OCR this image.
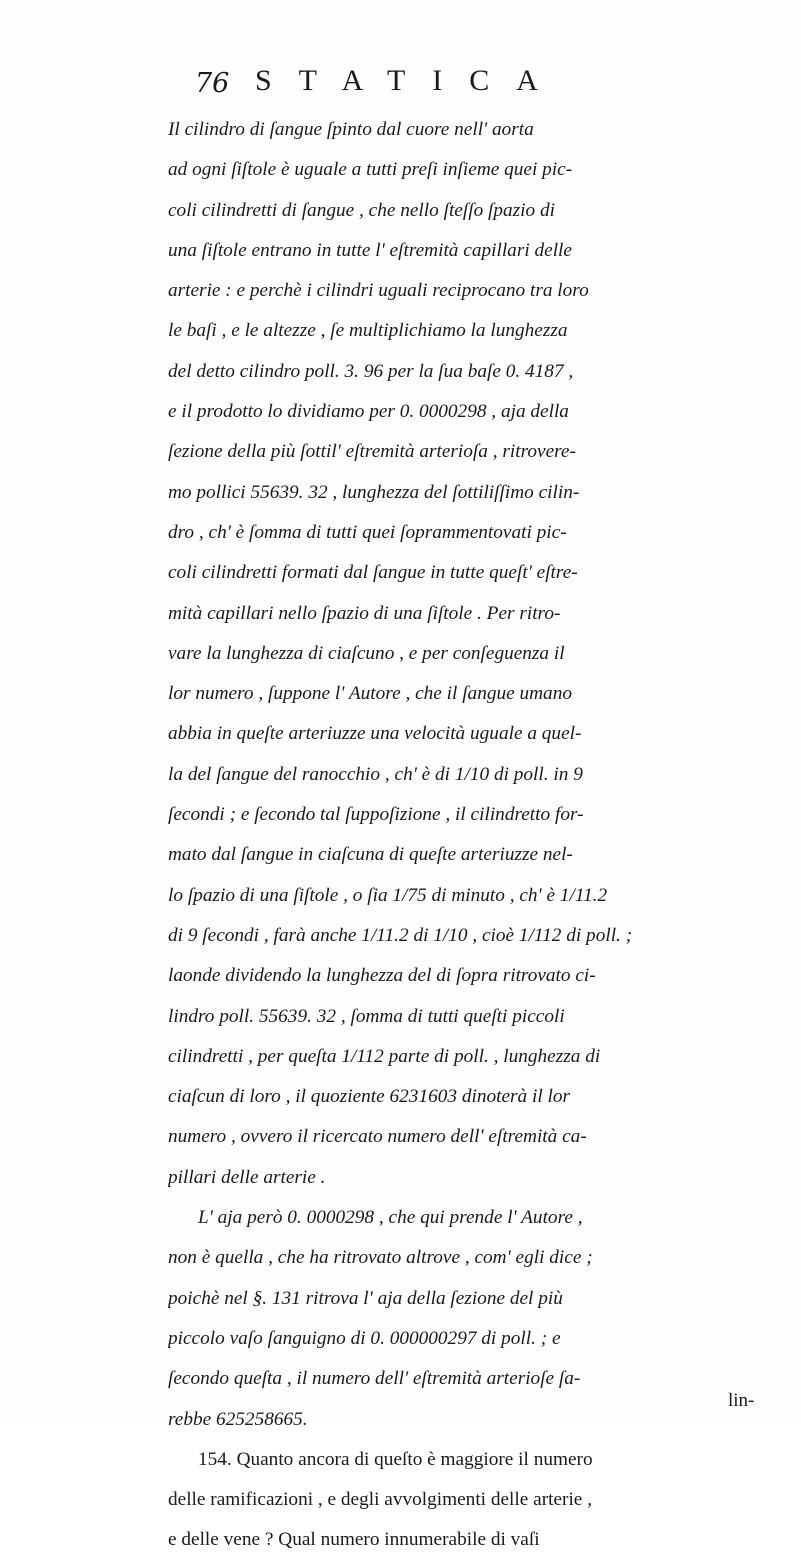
76 STATICA
Il cilindro di ſangue ſpinto dal cuore nell' aorta
ad ogni ſiſtole è uguale a tutti preſi inſieme quei pic-
coli cilindretti di ſangue , che nello ſteſſo ſpazio di
una ſiſtole entrano in tutte l' eſtremità capillari delle
arterie : e perchè i cilindri uguali reciprocano tra loro
le baſi , e le altezze , ſe multiplichiamo la lunghezza
del detto cilindro poll. 3. 96 per la ſua baſe 0. 4187 ,
e il prodotto lo dividiamo per 0. 0000298 , aja della
ſezione della più ſottil' eſtremità arterioſa , ritrovere-
mo pollici 55639. 32 , lunghezza del ſottiliſſimo cilin-
dro , ch' è ſomma di tutti quei ſoprammentovati pic-
coli cilindretti formati dal ſangue in tutte queſt' eſtre-
mità capillari nello ſpazio di una ſiſtole . Per ritro-
vare la lunghezza di ciaſcuno , e per conſeguenza il
lor numero , ſuppone l' Autore , che il ſangue umano
abbia in queſte arteriuzze una velocità uguale a quel-
la del ſangue del ranocchio , ch' è di 1/10 di poll. in 9
ſecondi ; e ſecondo tal ſuppoſizione , il cilindretto for-
mato dal ſangue in ciaſcuna di queſte arteriuzze nel-
lo ſpazio di una ſiſtole , o ſia 1/75 di minuto , ch' è 1/11.2
di 9 ſecondi , farà anche 1/11.2 di 1/10 , cioè 1/112 di poll. ;
laonde dividendo la lunghezza del di ſopra ritrovato ci-
lindro poll. 55639. 32 , ſomma di tutti queſti piccoli
cilindretti , per queſta 1/112 parte di poll. , lunghezza di
ciaſcun di loro , il quoziente 6231603 dinoterà il lor
numero , ovvero il ricercato numero dell' eſtremità ca-
pillari delle arterie .
L' aja però 0. 0000298 , che qui prende l' Autore ,
non è quella , che ha ritrovato altrove , com' egli dice ;
poichè nel §. 131 ritrova l' aja della ſezione del più
piccolo vaſo ſanguigno di 0. 000000297 di poll. ; e
ſecondo queſta , il numero dell' eſtremità arterioſe ſa-
rebbe 625258665.
154. Quanto ancora di queſto è maggiore il numero
delle ramificazioni , e degli avvolgimenti delle arterie ,
e delle vene ? Qual numero innumerabile di vaſi
lin-
